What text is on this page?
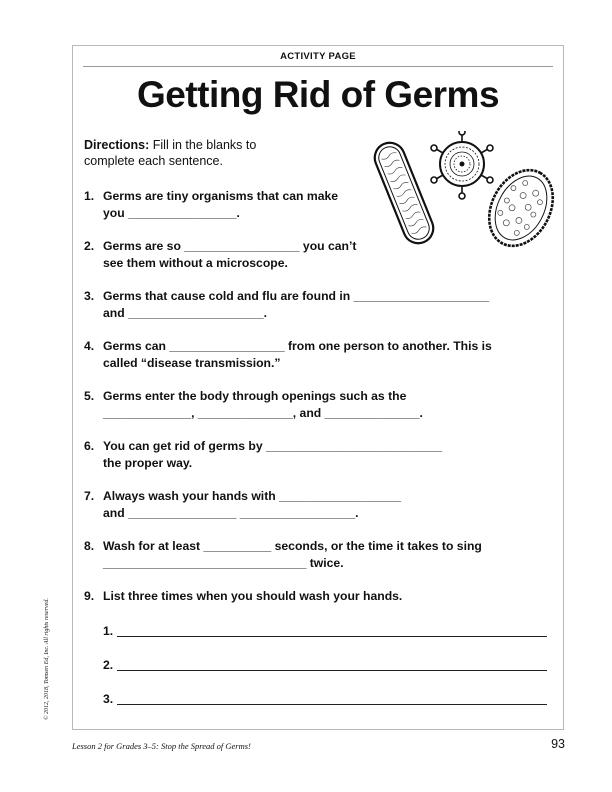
ACTIVITY PAGE
Getting Rid of Germs
Directions: Fill in the blanks to
complete each sentence.
1. Germs are tiny organisms that can make
you ________________.
2. Germs are so _________________ you can’t
see them without a microscope.
3. Germs that cause cold and flu are found in ____________________
and ____________________.
4. Germs can _________________ from one person to another. This is
called “disease transmission.”
5. Germs enter the body through openings such as the
_____________, ______________, and ______________.
6. You can get rid of germs by __________________________
the proper way.
7. Always wash your hands with __________________
and ________________ _________________.
8. Wash for at least __________ seconds, or the time it takes to sing
______________________________ twice.
9. List three times when you should wash your hands.
1.
2.
3.
© 2012, 2018, Tomsen Ed, Inc. All rights reserved.
Lesson 2 for Grades 3–5: Stop the Spread of Germs!	93
